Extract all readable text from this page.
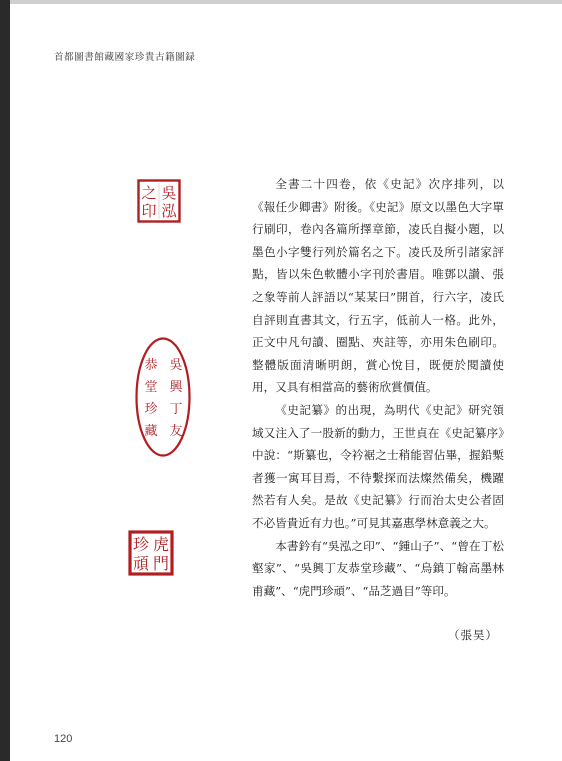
首都圖書館藏國家珍貴古籍圖録
吳
泓
之
印
吳
興
丁
友
恭
堂
珍
藏
虎
門
珍
頑

全書二十四卷，依《史記》次序排列，以《報任少卿書》附後。《史記》原文以墨色大字單行刷印，卷內各篇所擇章節，凌氏自擬小題，以墨色小字雙行列於篇名之下。凌氏及所引諸家評點，皆以朱色軟體小字刊於書眉。唯鄧以讃、張之象等前人評語以“某某曰”開首，行六字，凌氏自評則直書其文，行五字，低前人一格。此外，正文中凡句讀、圈點、夾註等，亦用朱色刷印。整體版面清晰明朗，賞心悅目，既便於閱讀使用，又具有相當高的藝術欣賞價值。

《史記纂》的出現，為明代《史記》研究領域又注入了一股新的動力，王世貞在《史記纂序》中說：“斯纂也，令衿裾之士稍能習佔畢，握鉛槧者獲一寓耳目焉，不待繫探而法燦然備矣，機躍然若有人矣。是故《史記纂》行而治太史公者固不必皆貴近有力也。”可見其嘉惠學林意義之大。

本書鈐有“吳泓之印”、“鍾山子”、“曾在丁松壑家”、“吳興丁友恭堂珍藏”、“烏鎮丁翰高墨林甫藏”、“虎門珍頑”、“品芝過目”等印。

（張昊）
120
